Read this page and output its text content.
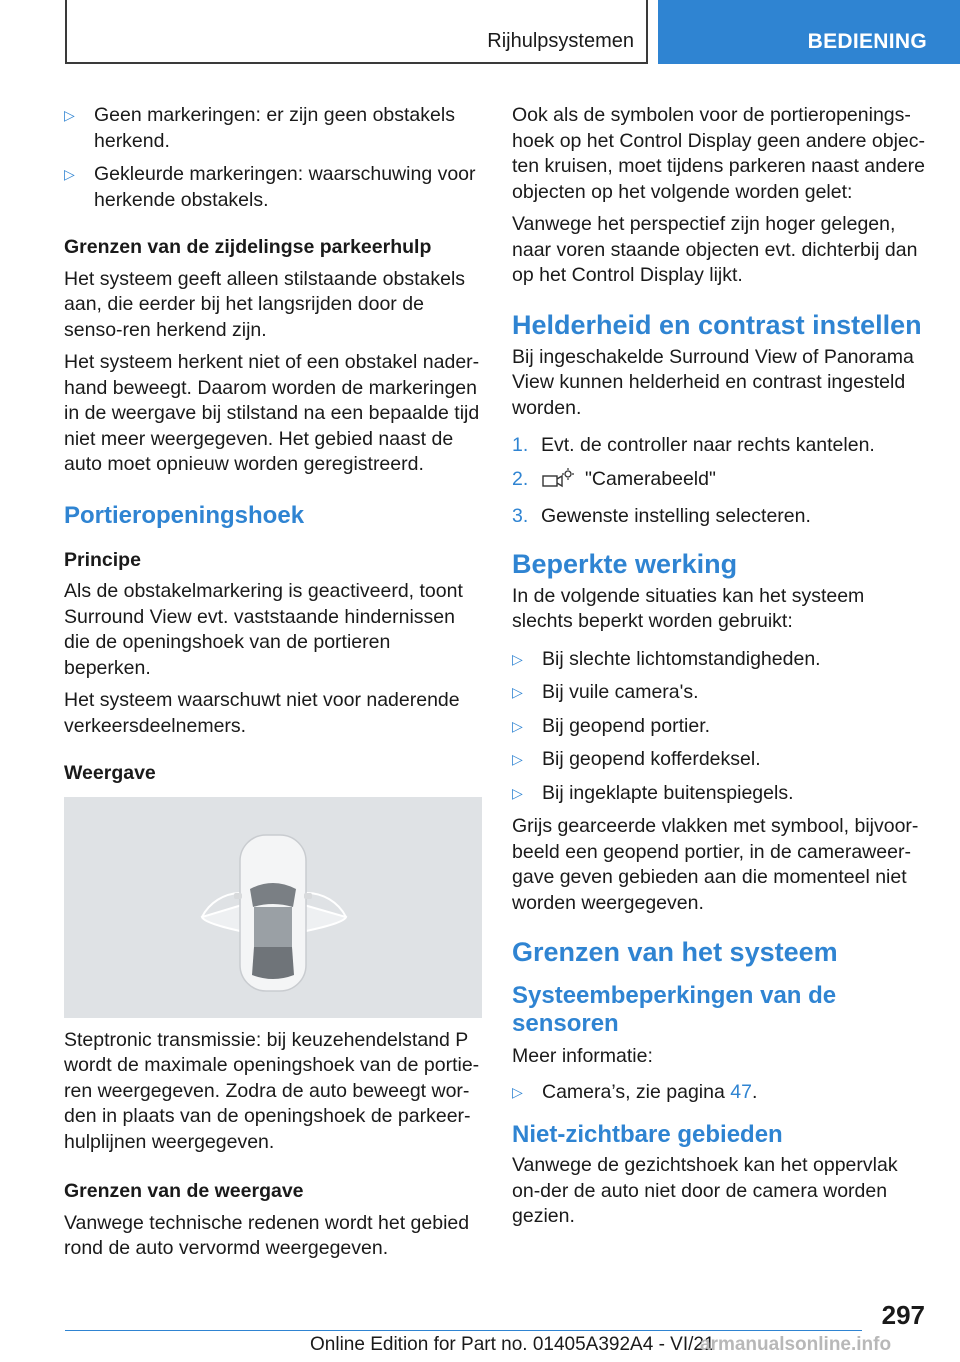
Rijhulpsystemen	BEDIENING
▷ Geen markeringen: er zijn geen obstakels herkend.
▷ Gekleurde markeringen: waarschuwing voor herkende obstakels.
Grenzen van de zijdelingse parkeerhulp

Het systeem geeft alleen stilstaande obstakels aan, die eerder bij het langsrijden door de senso-ren herkend zijn.

Het systeem herkent niet of een obstakel nader-hand beweegt. Daarom worden de markeringen in de weergave bij stilstand na een bepaalde tijd niet meer weergegeven. Het gebied naast de auto moet opnieuw worden geregistreerd.

Portieropeningshoek
Principe

Als de obstakelmarkering is geactiveerd, toont Surround View evt. vaststaande hindernissen die de openingshoek van de portieren beperken.

Het systeem waarschuwt niet voor naderende verkeersdeelnemers.

Weergave

Steptronic transmissie: bij keuzehendelstand P wordt de maximale openingshoek van de portie-ren weergegeven. Zodra de auto beweegt wor-den in plaats van de openingshoek de parkeer-hulplijnen weergegeven.

Grenzen van de weergave

Vanwege technische redenen wordt het gebied rond de auto vervormd weergegeven.

Ook als de symbolen voor de portieropenings-hoek op het Control Display geen andere objec-ten kruisen, moet tijdens parkeren naast andere objecten op het volgende worden gelet:

Vanwege het perspectief zijn hoger gelegen, naar voren staande objecten evt. dichterbij dan op het Control Display lijkt.

Helderheid en contrast instellen

Bij ingeschakelde Surround View of Panorama View kunnen helderheid en contrast ingesteld worden.

1. Evt. de controller naar rechts kantelen.
2.	"Camerabeeld"
3. Gewenste instelling selecteren.
Beperkte werking

In de volgende situaties kan het systeem slechts beperkt worden gebruikt:

▷ Bij slechte lichtomstandigheden.
▷ Bij vuile camera's.
▷ Bij geopend portier.
▷ Bij geopend kofferdeksel.
▷ Bij ingeklapte buitenspiegels.

Grijs gearceerde vlakken met symbool, bijvoor-beeld een geopend portier, in de cameraweer-gave geven gebieden aan die momenteel niet worden weergegeven.

Grenzen van het systeem
Systeembeperkingen van de sensoren

Meer informatie:

▷ Camera’s, zie pagina 47.
Niet-zichtbare gebieden

Vanwege de gezichtshoek kan het oppervlak on-der de auto niet door de camera worden gezien.

297
Online Edition for Part no. 01405A392A4 - VI/21
armanualsonline.info
